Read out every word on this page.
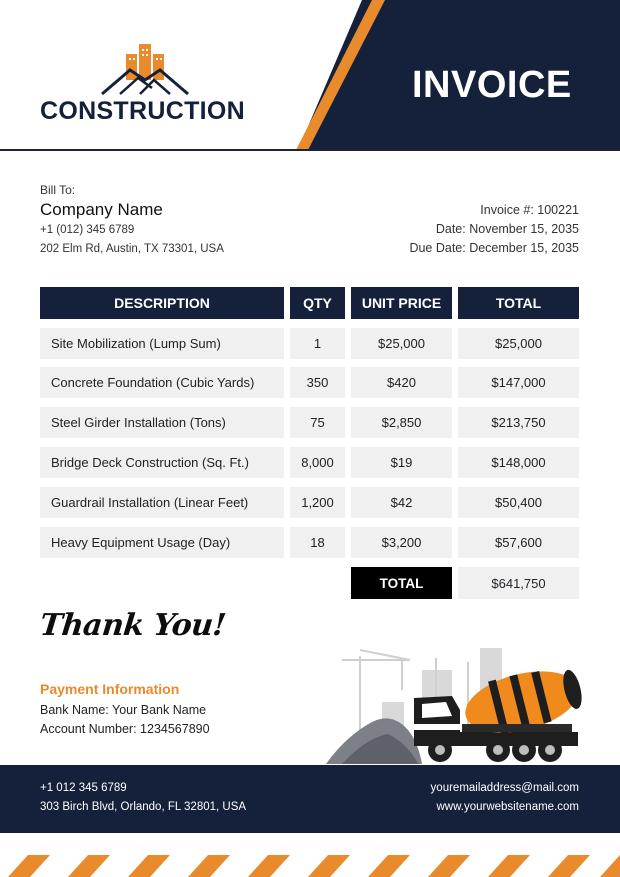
CONSTRUCTION
INVOICE
Bill To:
Company Name
+1 (012) 345 6789
202 Elm Rd, Austin, TX 73301, USA
Invoice #: 100221
Date: November 15, 2035
Due Date: December 15, 2035
DESCRIPTION	QTY	UNIT PRICE	TOTAL
Site Mobilization (Lump Sum)	1	$25,000	$25,000
Concrete Foundation (Cubic Yards)	350	$420	$147,000
Steel Girder Installation (Tons)	75	$2,850	$213,750
Bridge Deck Construction (Sq. Ft.)	8,000	$19	$148,000
Guardrail Installation (Linear Feet)	1,200	$42	$50,400
Heavy Equipment Usage (Day)	18	$3,200	$57,600
TOTAL	$641,750
Thank You!
Payment Information
Bank Name: Your Bank Name
Account Number: 1234567890
+1 012 345 6789
303 Birch Blvd, Orlando, FL 32801, USA
youremailaddress@mail.com
www.yourwebsitename.com
